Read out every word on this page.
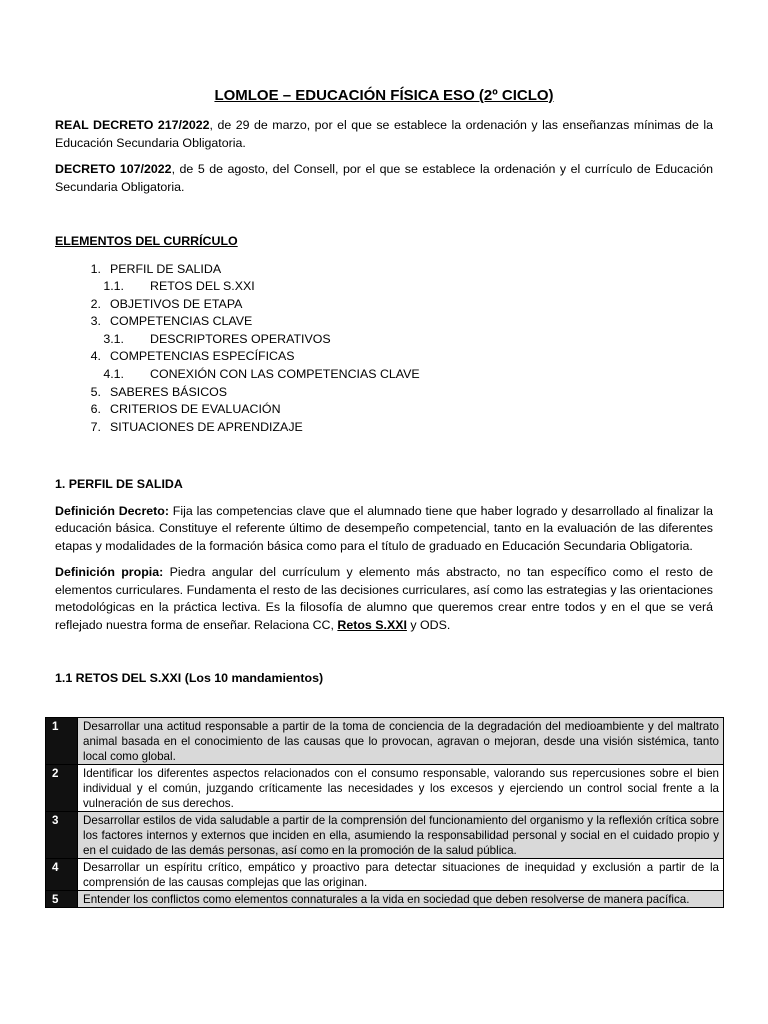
LOMLOE – EDUCACIÓN FÍSICA ESO (2º CICLO)

REAL DECRETO 217/2022, de 29 de marzo, por el que se establece la ordenación y las enseñanzas mínimas de la Educación Secundaria Obligatoria.

DECRETO 107/2022, de 5 de agosto, del Consell, por el que se establece la ordenación y el currículo de Educación Secundaria Obligatoria.

ELEMENTOS DEL CURRÍCULO
1. PERFIL DE SALIDA
1.1. RETOS DEL S.XXI
2. OBJETIVOS DE ETAPA
3. COMPETENCIAS CLAVE
3.1. DESCRIPTORES OPERATIVOS
4. COMPETENCIAS ESPECÍFICAS
4.1. CONEXIÓN CON LAS COMPETENCIAS CLAVE
5. SABERES BÁSICOS
6. CRITERIOS DE EVALUACIÓN
7. SITUACIONES DE APRENDIZAJE
1. PERFIL DE SALIDA

Definición Decreto: Fija las competencias clave que el alumnado tiene que haber logrado y desarrollado al finalizar la educación básica. Constituye el referente último de desempeño competencial, tanto en la evaluación de las diferentes etapas y modalidades de la formación básica como para el título de graduado en Educación Secundaria Obligatoria.

Definición propia: Piedra angular del currículum y elemento más abstracto, no tan específico como el resto de elementos curriculares. Fundamenta el resto de las decisiones curriculares, así como las estrategias y las orientaciones metodológicas en la práctica lectiva. Es la filosofía de alumno que queremos crear entre todos y en el que se verá reflejado nuestra forma de enseñar. Relaciona CC, Retos S.XXI y ODS.

1.1 RETOS DEL S.XXI (Los 10 mandamientos)
1	Desarrollar una actitud responsable a partir de la toma de conciencia de la degradación del medioambiente y del maltrato animal basada en el conocimiento de las causas que lo provocan, agravan o mejoran, desde una visión sistémica, tanto local como global.
2	Identificar los diferentes aspectos relacionados con el consumo responsable, valorando sus repercusiones sobre el bien individual y el común, juzgando críticamente las necesidades y los excesos y ejerciendo un control social frente a la vulneración de sus derechos.
3	Desarrollar estilos de vida saludable a partir de la comprensión del funcionamiento del organismo y la reflexión crítica sobre los factores internos y externos que inciden en ella, asumiendo la responsabilidad personal y social en el cuidado propio y en el cuidado de las demás personas, así como en la promoción de la salud pública.
4	Desarrollar un espíritu crítico, empático y proactivo para detectar situaciones de inequidad y exclusión a partir de la comprensión de las causas complejas que las originan.
5	Entender los conflictos como elementos connaturales a la vida en sociedad que deben resolverse de manera pacífica.
